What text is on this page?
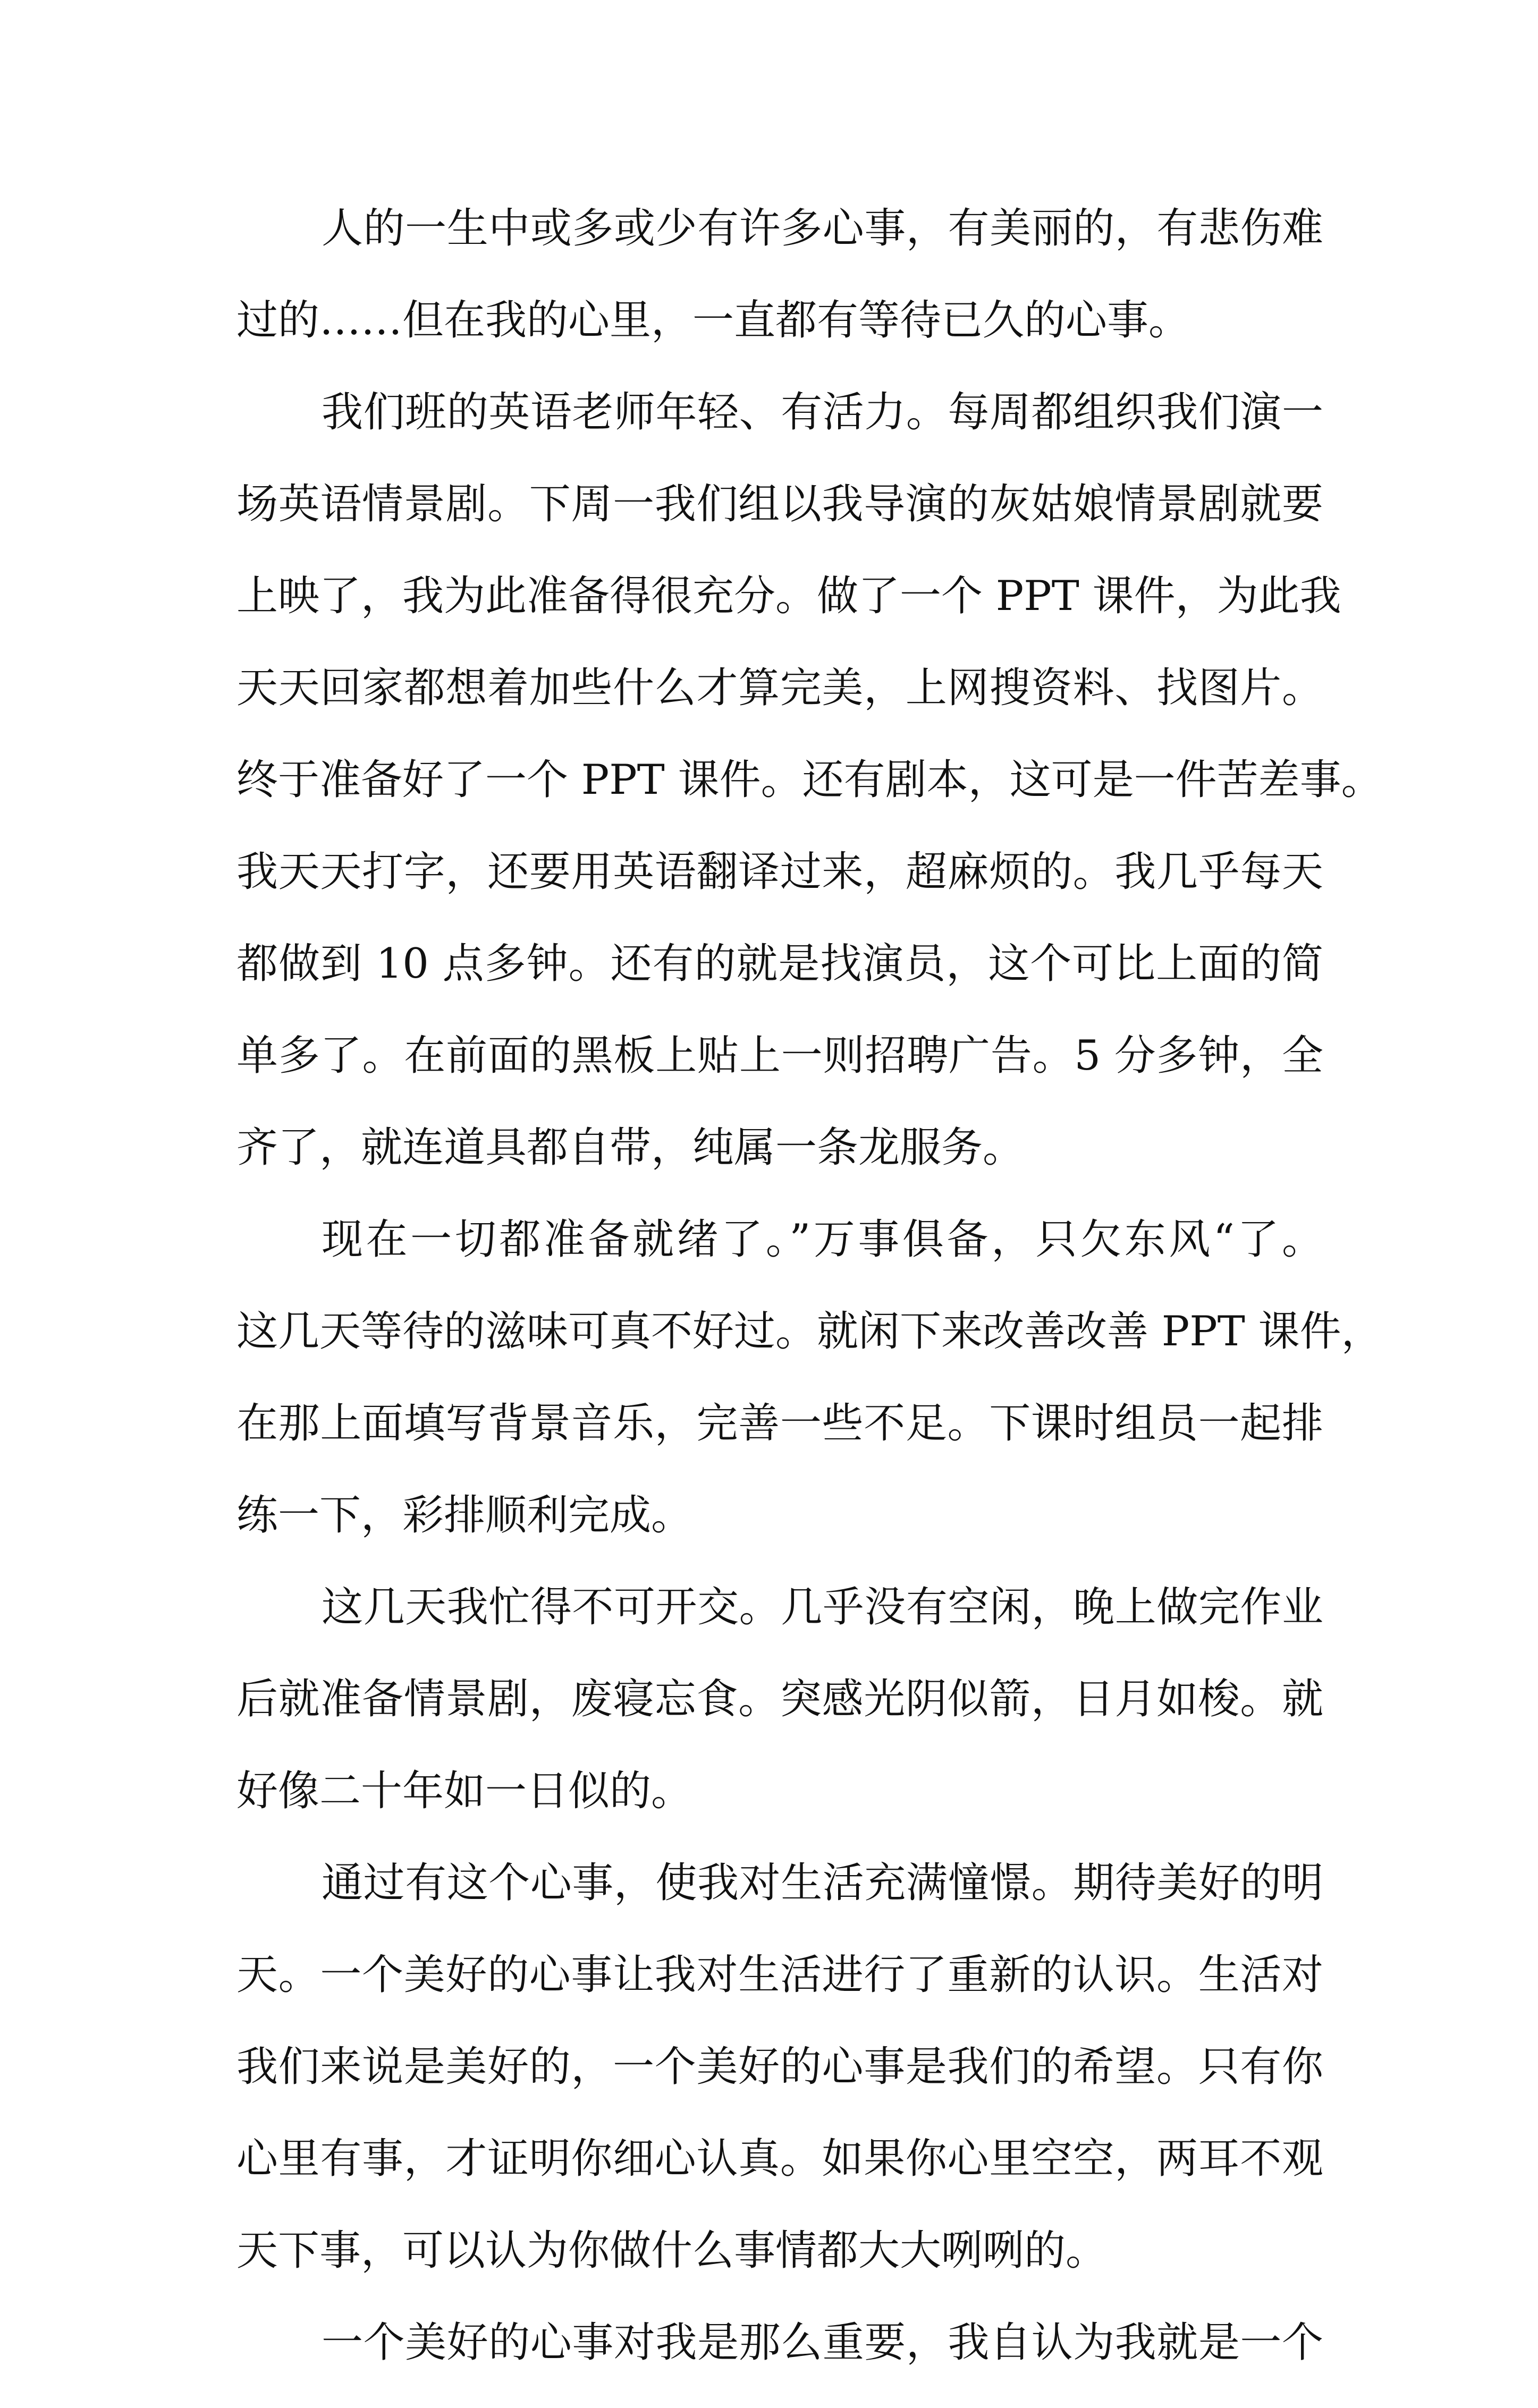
人的一生中或多或少有许多心事，有美丽的，有悲伤难
过的……但在我的心里，一直都有等待已久的心事。
我们班的英语老师年轻、有活力。每周都组织我们演一
场英语情景剧。下周一我们组以我导演的灰姑娘情景剧就要
上映了，我为此准备得很充分。做了一个 PPT 课件，为此我
天天回家都想着加些什么才算完美，上网搜资料、找图片。
终于准备好了一个 PPT 课件。还有剧本，这可是一件苦差事。
我天天打字，还要用英语翻译过来，超麻烦的。我几乎每天
都做到 10 点多钟。还有的就是找演员，这个可比上面的简
单多了。在前面的黑板上贴上一则招聘广告。5 分多钟，全
齐了，就连道具都自带，纯属一条龙服务。
现在一切都准备就绪了。”万事俱备，只欠东风“了。
这几天等待的滋味可真不好过。就闲下来改善改善 PPT 课件，
在那上面填写背景音乐，完善一些不足。下课时组员一起排
练一下，彩排顺利完成。
这几天我忙得不可开交。几乎没有空闲，晚上做完作业
后就准备情景剧，废寝忘食。突感光阴似箭，日月如梭。就
好像二十年如一日似的。
通过有这个心事，使我对生活充满憧憬。期待美好的明
天。一个美好的心事让我对生活进行了重新的认识。生活对
我们来说是美好的，一个美好的心事是我们的希望。只有你
心里有事，才证明你细心认真。如果你心里空空，两耳不观
天下事，可以认为你做什么事情都大大咧咧的。
一个美好的心事对我是那么重要，我自认为我就是一个
